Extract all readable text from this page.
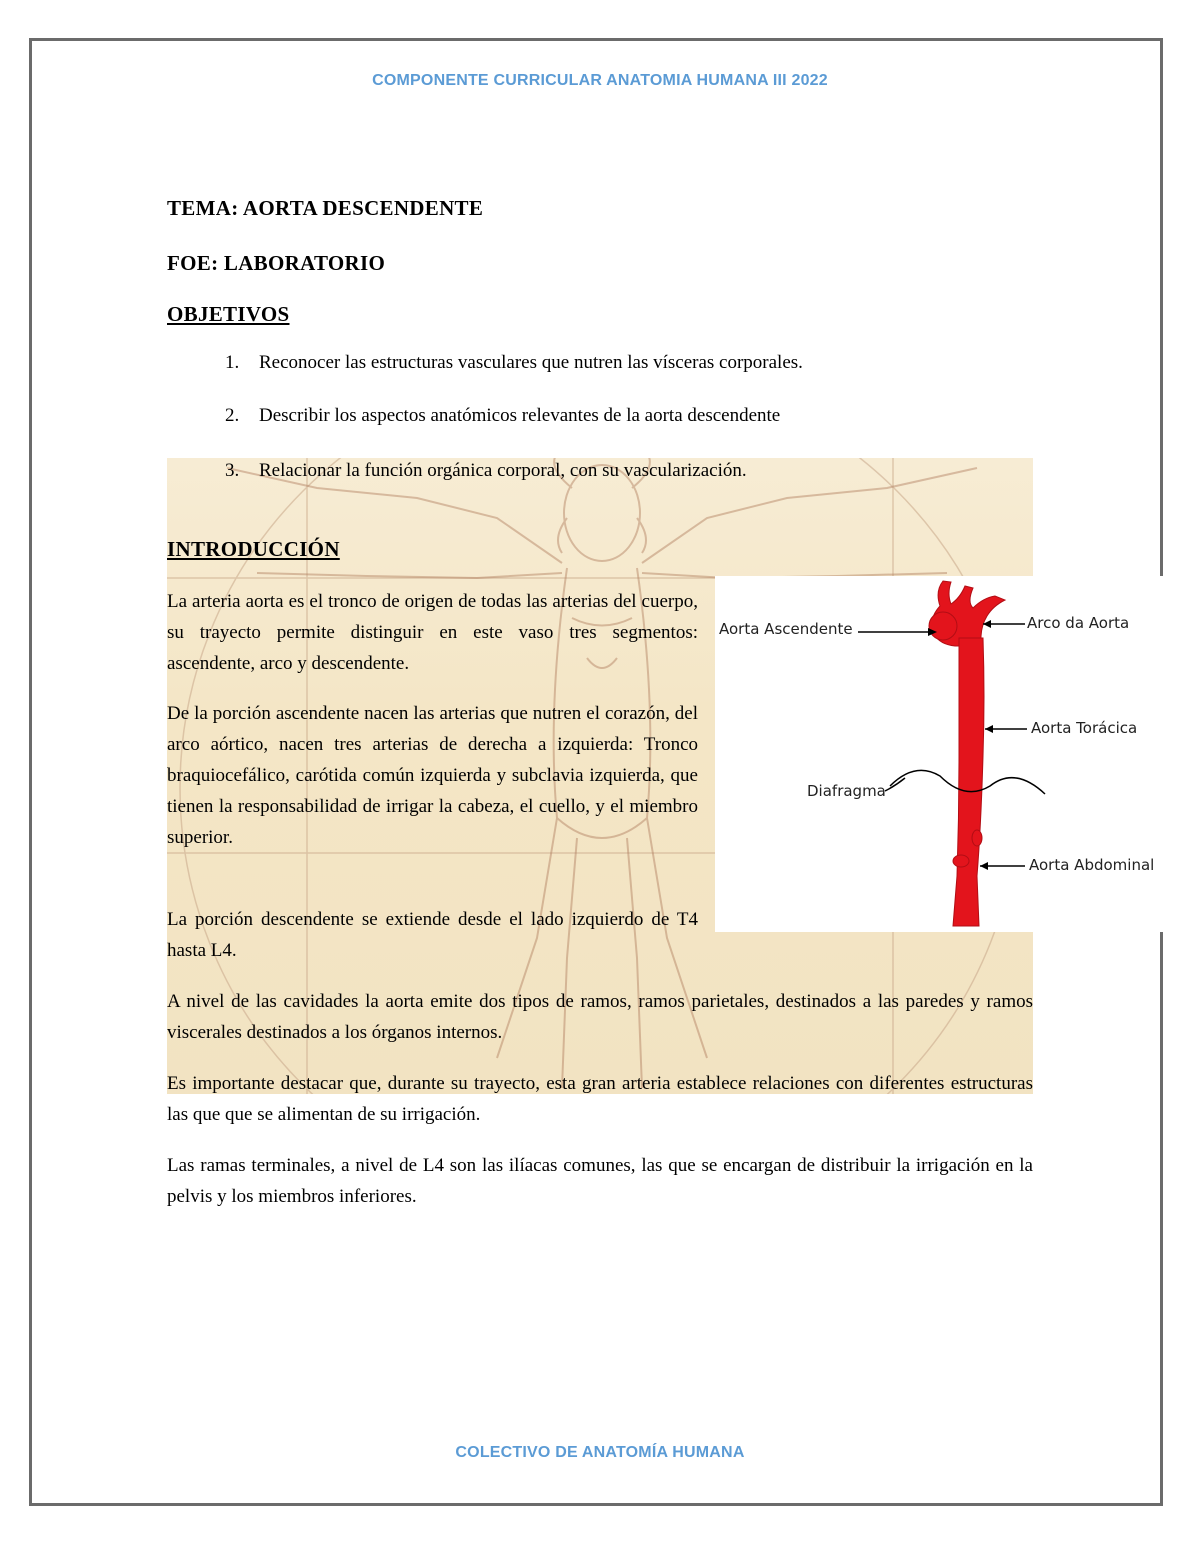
COMPONENTE CURRICULAR ANATOMIA HUMANA III 2022
TEMA: AORTA DESCENDENTE
FOE: LABORATORIO
OBJETIVOS
1. Reconocer las estructuras vasculares que nutren las vísceras corporales.
2. Describir los aspectos anatómicos relevantes de la aorta descendente
3. Relacionar la función orgánica corporal, con su vascularización.
INTRODUCCIÓN
La arteria aorta es el tronco de origen de todas las arterias del cuerpo, su trayecto permite distinguir en este vaso tres segmentos: ascendente, arco y descendente.
De la porción ascendente nacen las arterias que nutren el corazón, del arco aórtico, nacen tres arterias de derecha a izquierda: Tronco braquiocefálico, carótida común izquierda y subclavia izquierda, que tienen la responsabilidad de irrigar la cabeza, el cuello, y el miembro superior.
La porción descendente se extiende desde el lado izquierdo de T4 hasta L4.
A nivel de las cavidades la aorta emite dos tipos de ramos, ramos parietales, destinados a las paredes y ramos viscerales destinados a los órganos internos.
Es importante destacar que, durante su trayecto, esta gran arteria establece relaciones con diferentes estructuras las que que se alimentan de su irrigación.
Las ramas terminales, a nivel de L4 son las ilíacas comunes, las que se encargan de distribuir la irrigación en la pelvis y los miembros inferiores.
Aorta Ascendente	Arco da Aorta
Aorta Torácica
Diafragma
Aorta Abdominal
COLECTIVO DE ANATOMÍA HUMANA
